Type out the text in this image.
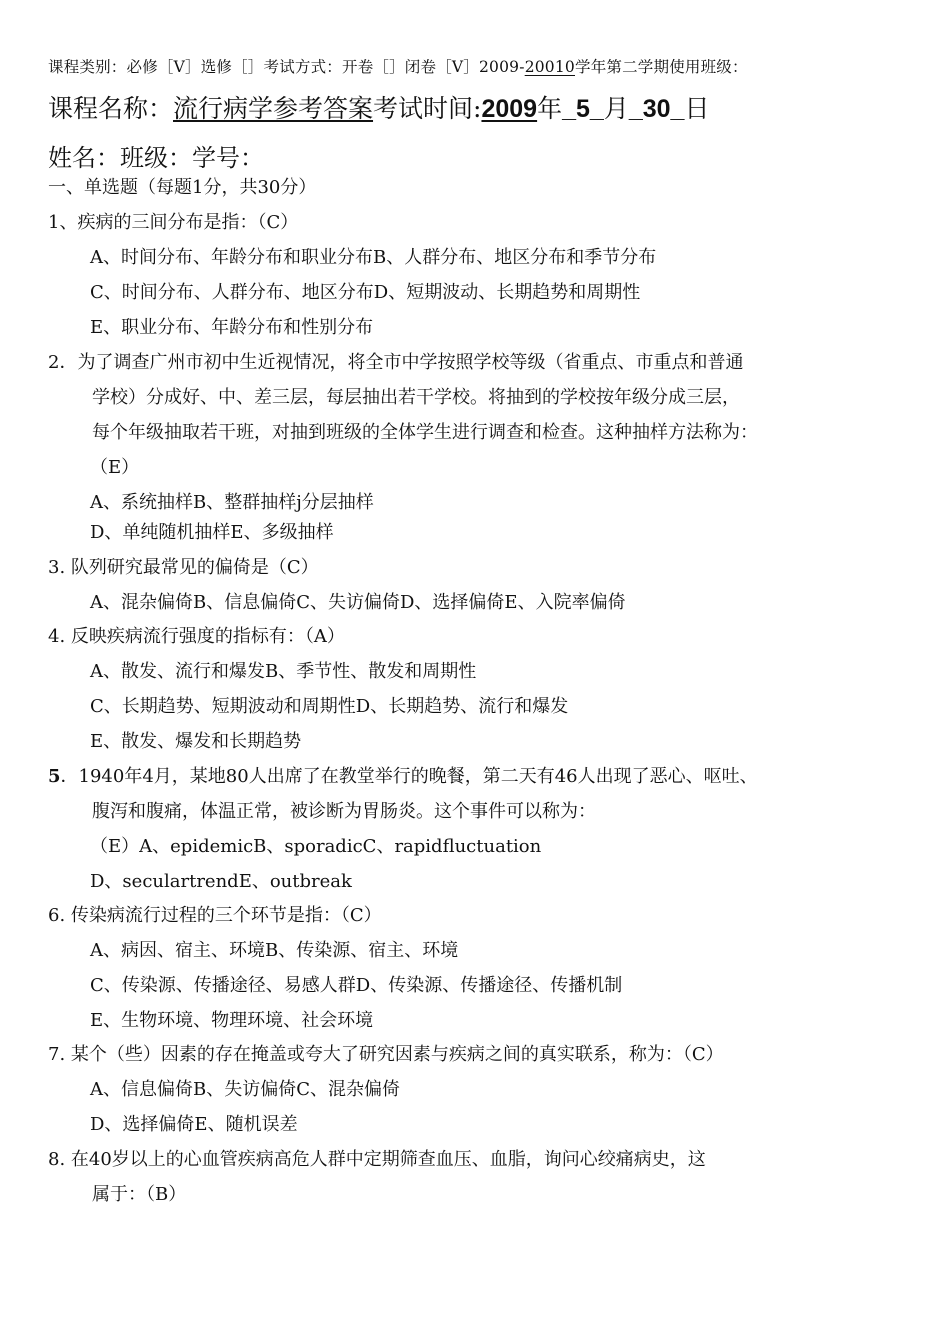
课程类别：必修［V］选修［］考试方式：开卷［］闭卷［V］2009-20010学年第二学期使用班级：
课程名称：流行病学参考答案考试时间:2009年_5_月_30_日
姓名：班级：学号：
一、单选题（每题1分，共30分）
1、疾病的三间分布是指：（C）
A、时间分布、年龄分布和职业分布B、人群分布、地区分布和季节分布
C、时间分布、人群分布、地区分布D、短期波动、长期趋势和周期性
E、职业分布、年龄分布和性别分布
2．为了调查广州市初中生近视情况，将全市中学按照学校等级（省重点、市重点和普通
学校）分成好、中、差三层，每层抽出若干学校。将抽到的学校按年级分成三层，
每个年级抽取若干班，对抽到班级的全体学生进行调查和检查。这种抽样方法称为：
（E）
A、系统抽样B、整群抽样j分层抽样
D、单纯随机抽样E、多级抽样
3. 队列研究最常见的偏倚是（C）
A、混杂偏倚B、信息偏倚C、失访偏倚D、选择偏倚E、入院率偏倚
4. 反映疾病流行强度的指标有：（A）
A、散发、流行和爆发B、季节性、散发和周期性
C、长期趋势、短期波动和周期性D、长期趋势、流行和爆发
E、散发、爆发和长期趋势
5．1940年4月，某地80人出席了在教堂举行的晚餐，第二天有46人出现了恶心、呕吐、
腹泻和腹痛，体温正常，被诊断为胃肠炎。这个事件可以称为：
（E）A、epidemicB、sporadicC、rapidfluctuation
D、seculartrendE、outbreak
6. 传染病流行过程的三个环节是指：（C）
A、病因、宿主、环境B、传染源、宿主、环境
C、传染源、传播途径、易感人群D、传染源、传播途径、传播机制
E、生物环境、物理环境、社会环境
7. 某个（些）因素的存在掩盖或夸大了研究因素与疾病之间的真实联系，称为：（C）
A、信息偏倚B、失访偏倚C、混杂偏倚
D、选择偏倚E、随机误差
8. 在40岁以上的心血管疾病高危人群中定期筛查血压、血脂，询问心绞痛病史，这
属于：（B）
